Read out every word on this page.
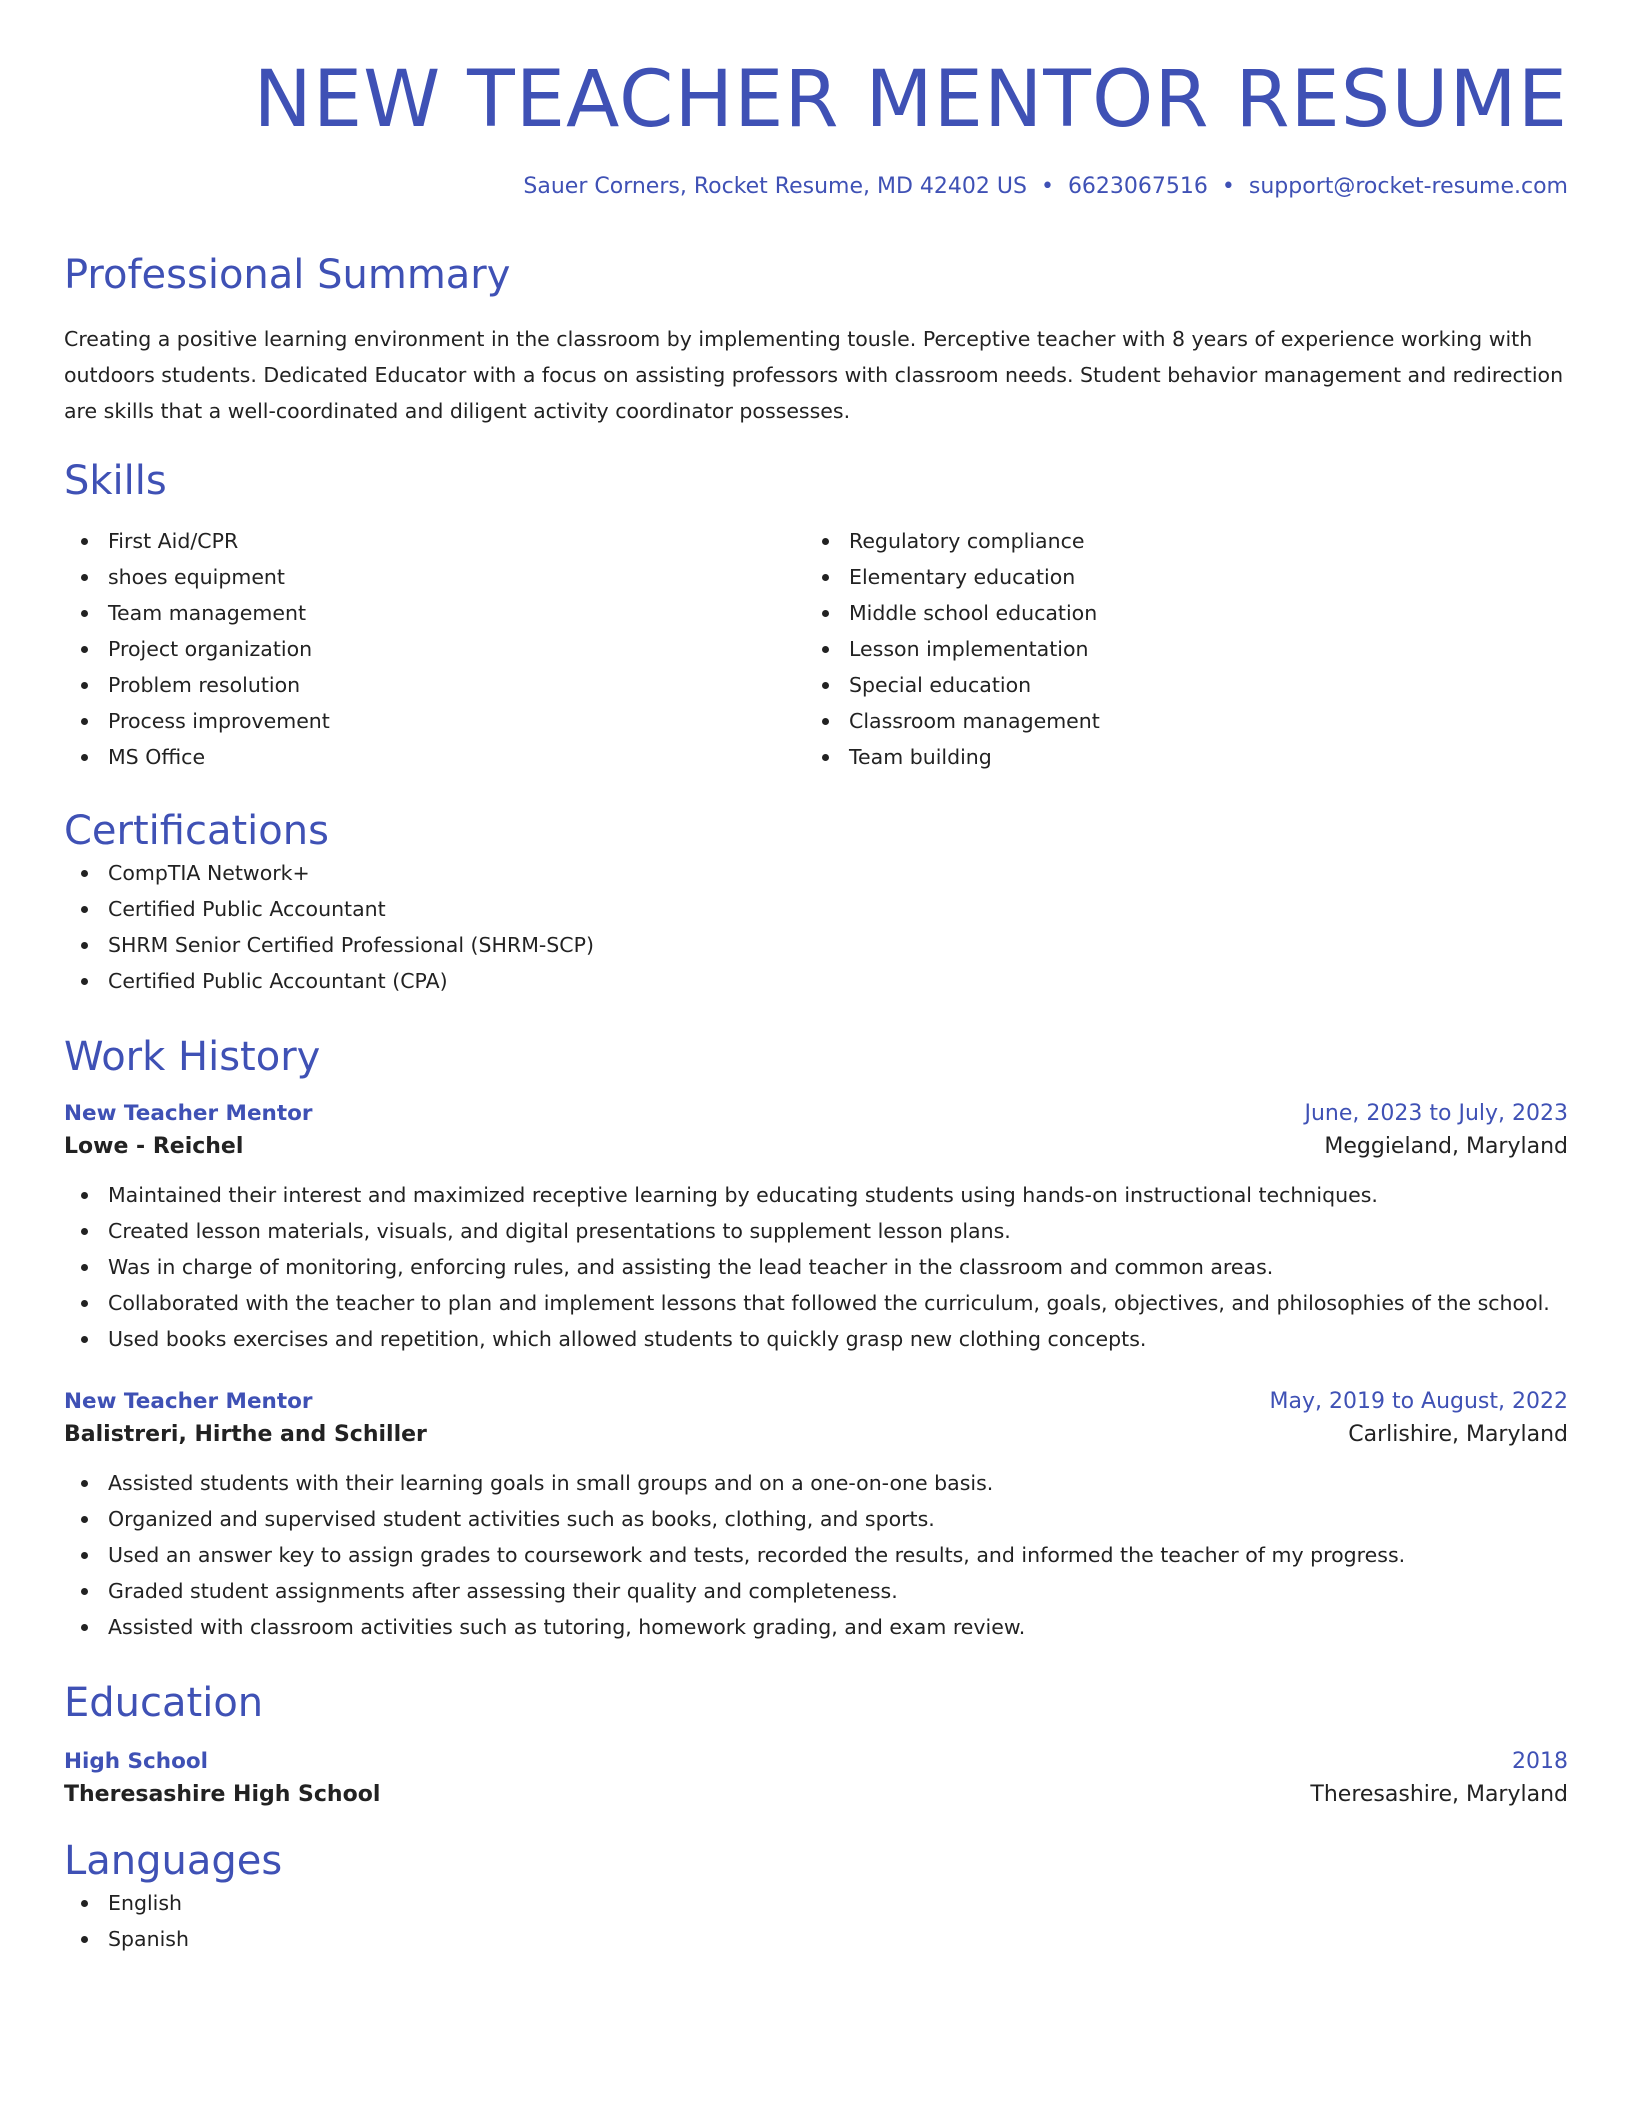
NEW TEACHER MENTOR RESUME
Sauer Corners, Rocket Resume, MD 42402 US • 6623067516 • support@rocket-resume.com
Professional Summary
Creating a positive learning environment in the classroom by implementing tousle. Perceptive teacher with 8 years of experience working with outdoors students. Dedicated Educator with a focus on assisting professors with classroom needs. Student behavior management and redirection are skills that a well-coordinated and diligent activity coordinator possesses.
Skills
First Aid/CPR
shoes equipment
Team management
Project organization
Problem resolution
Process improvement
MS Office
Regulatory compliance
Elementary education
Middle school education
Lesson implementation
Special education
Classroom management
Team building
Certifications
CompTIA Network+
Certified Public Accountant
SHRM Senior Certified Professional (SHRM-SCP)
Certified Public Accountant (CPA)
Work History
New Teacher Mentor	June, 2023 to July, 2023
Lowe - Reichel	Meggieland, Maryland
Maintained their interest and maximized receptive learning by educating students using hands-on instructional techniques.
Created lesson materials, visuals, and digital presentations to supplement lesson plans.
Was in charge of monitoring, enforcing rules, and assisting the lead teacher in the classroom and common areas.
Collaborated with the teacher to plan and implement lessons that followed the curriculum, goals, objectives, and philosophies of the school.
Used books exercises and repetition, which allowed students to quickly grasp new clothing concepts.
New Teacher Mentor	May, 2019 to August, 2022
Balistreri, Hirthe and Schiller	Carlishire, Maryland
Assisted students with their learning goals in small groups and on a one-on-one basis.
Organized and supervised student activities such as books, clothing, and sports.
Used an answer key to assign grades to coursework and tests, recorded the results, and informed the teacher of my progress.
Graded student assignments after assessing their quality and completeness.
Assisted with classroom activities such as tutoring, homework grading, and exam review.
Education
High School	2018
Theresashire High School	Theresashire, Maryland
Languages
English
Spanish
